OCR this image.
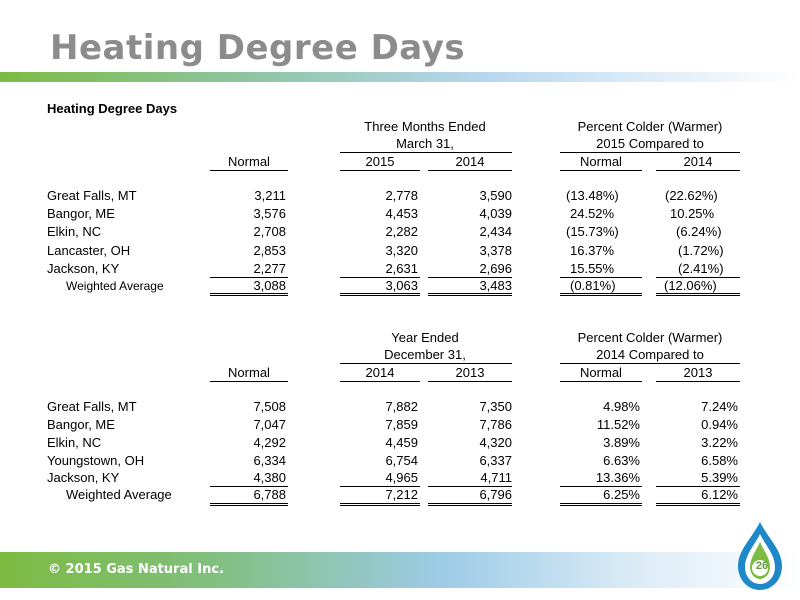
Heating Degree Days
Heating Degree Days
Three Months Ended
March 31,
Percent Colder (Warmer)
2015 Compared to
Normal	2015	2014	Normal	2014
Great Falls, MT	3,211	2,778	3,590	(13.48%)	(22.62%)
Bangor, ME	3,576	4,453	4,039	24.52%	10.25%
Elkin, NC	2,708	2,282	2,434	(15.73%)	(6.24%)
Lancaster, OH	2,853	3,320	3,378	16.37%	(1.72%)
Jackson, KY	2,277	2,631	2,696	15.55%	(2.41%)
Weighted Average	3,088	3,063	3,483	(0.81%)	(12.06%)
Year Ended
December 31,
Percent Colder (Warmer)
2014 Compared to
Normal	2014	2013	Normal	2013
Great Falls, MT	7,508	7,882	7,350	4.98%	7.24%
Bangor, ME	7,047	7,859	7,786	11.52%	0.94%
Elkin, NC	4,292	4,459	4,320	3.89%	3.22%
Youngstown, OH	6,334	6,754	6,337	6.63%	6.58%
Jackson, KY	4,380	4,965	4,711	13.36%	5.39%
Weighted Average	6,788	7,212	6,796	6.25%	6.12%
© 2015 Gas Natural Inc.	26
